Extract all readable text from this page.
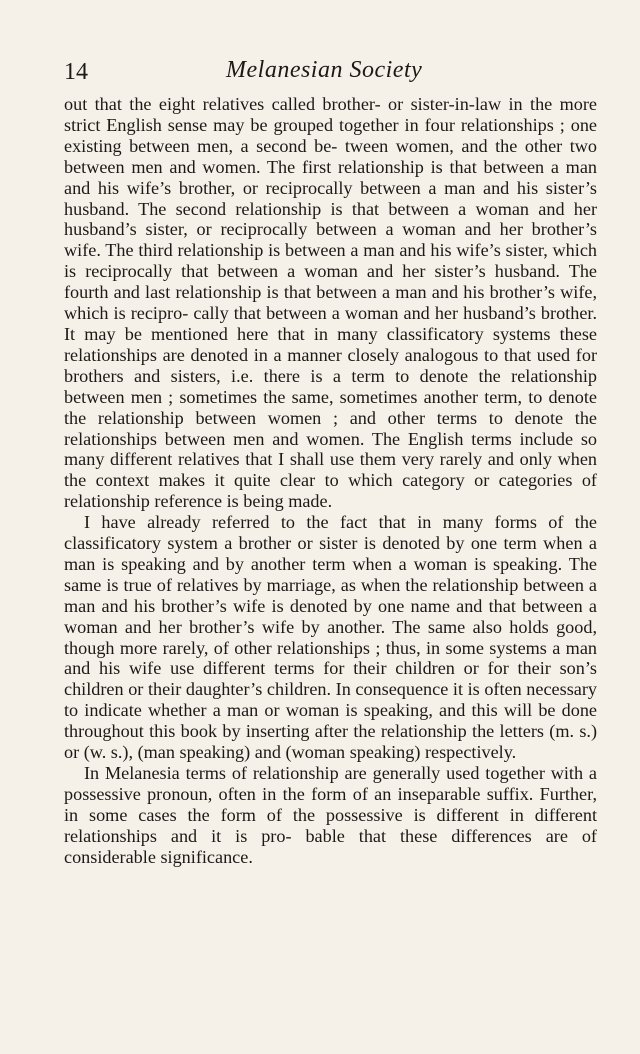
14	Melanesian Society

out that the eight relatives called brother- or sister-in-law in the more strict English sense may be grouped together in four relationships ; one existing between men, a second be- tween women, and the other two between men and women. The first relationship is that between a man and his wife’s brother, or reciprocally between a man and his sister’s husband. The second relationship is that between a woman and her husband’s sister, or reciprocally between a woman and her brother’s wife. The third relationship is between a man and his wife’s sister, which is reciprocally that between a woman and her sister’s husband. The fourth and last relationship is that between a man and his brother’s wife, which is recipro- cally that between a woman and her husband’s brother. It may be mentioned here that in many classificatory systems these relationships are denoted in a manner closely analogous to that used for brothers and sisters, i.e. there is a term to denote the relationship between men ; sometimes the same, sometimes another term, to denote the relationship between women ; and other terms to denote the relationships between men and women. The English terms include so many different relatives that I shall use them very rarely and only when the context makes it quite clear to which category or categories of relationship reference is being made.

I have already referred to the fact that in many forms of the classificatory system a brother or sister is denoted by one term when a man is speaking and by another term when a woman is speaking. The same is true of relatives by marriage, as when the relationship between a man and his brother’s wife is denoted by one name and that between a woman and her brother’s wife by another. The same also holds good, though more rarely, of other relationships ; thus, in some systems a man and his wife use different terms for their children or for their son’s children or their daughter’s children. In consequence it is often necessary to indicate whether a man or woman is speaking, and this will be done throughout this book by inserting after the relationship the letters (m. s.) or (w. s.), (man speaking) and (woman speaking) respectively.

In Melanesia terms of relationship are generally used together with a possessive pronoun, often in the form of an inseparable suffix. Further, in some cases the form of the possessive is different in different relationships and it is pro- bable that these differences are of considerable significance.
